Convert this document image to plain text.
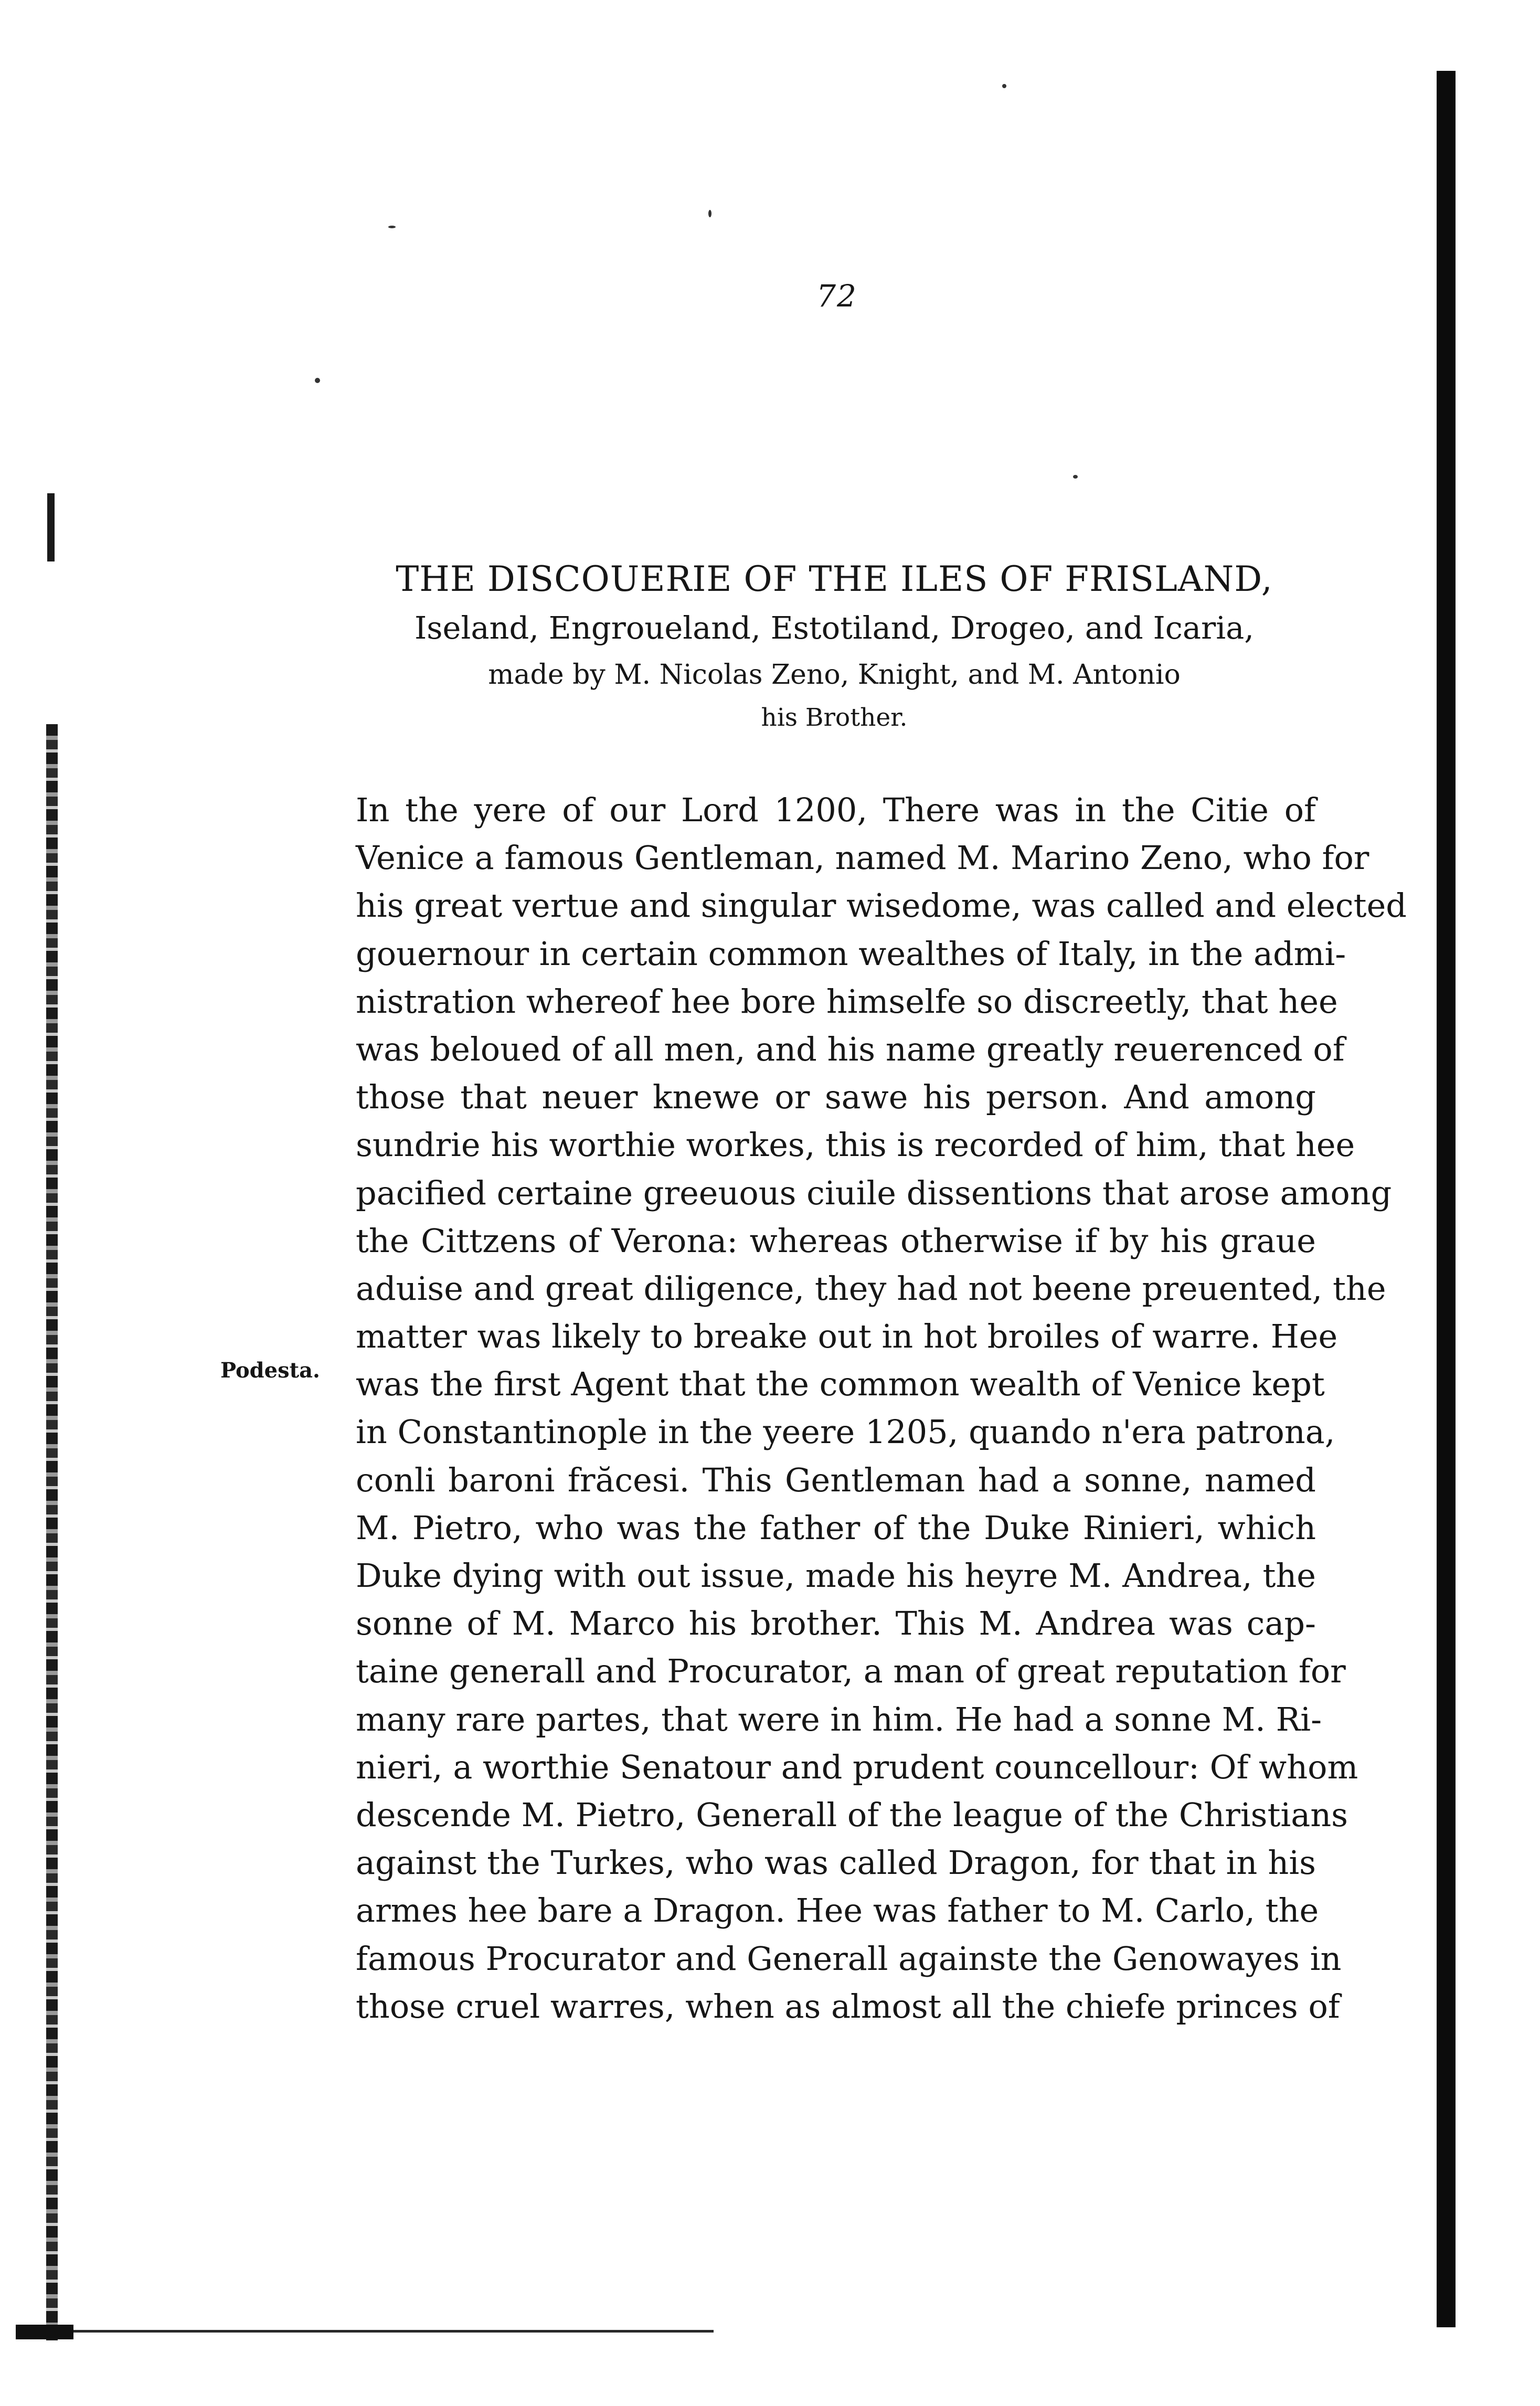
72
THE DISCOUERIE OF THE ILES OF FRISLAND,
Iseland, Engroueland, Estotiland, Drogeo, and Icaria,
made by M. Nicolas Zeno, Knight, and M. Antonio
his Brother.
Podesta.
In the yere of our Lord 1200, There was in the Citie of
Venice a famous Gentleman, named M. Marino Zeno, who for
his great vertue and singular wisedome, was called and elected
gouernour in certain common wealthes of Italy, in the admi-
nistration whereof hee bore himselfe so discreetly, that hee
was beloued of all men, and his name greatly reuerenced of
those that neuer knewe or sawe his person. And among
sundrie his worthie workes, this is recorded of him, that hee
pacified certaine greeuous ciuile dissentions that arose among
the Cittzens of Verona: whereas otherwise if by his graue
aduise and great diligence, they had not beene preuented, the
matter was likely to breake out in hot broiles of warre. Hee
was the first Agent that the common wealth of Venice kept
in Constantinople in the yeere 1205, quando n'era patrona,
conli baroni frăcesi. This Gentleman had a sonne, named
M. Pietro, who was the father of the Duke Rinieri, which
Duke dying with out issue, made his heyre M. Andrea, the
sonne of M. Marco his brother. This M. Andrea was cap-
taine generall and Procurator, a man of great reputation for
many rare partes, that were in him. He had a sonne M. Ri-
nieri, a worthie Senatour and prudent councellour: Of whom
descende M. Pietro, Generall of the league of the Christians
against the Turkes, who was called Dragon, for that in his
armes hee bare a Dragon. Hee was father to M. Carlo, the
famous Procurator and Generall againste the Genowayes in
those cruel warres, when as almost all the chiefe princes of
